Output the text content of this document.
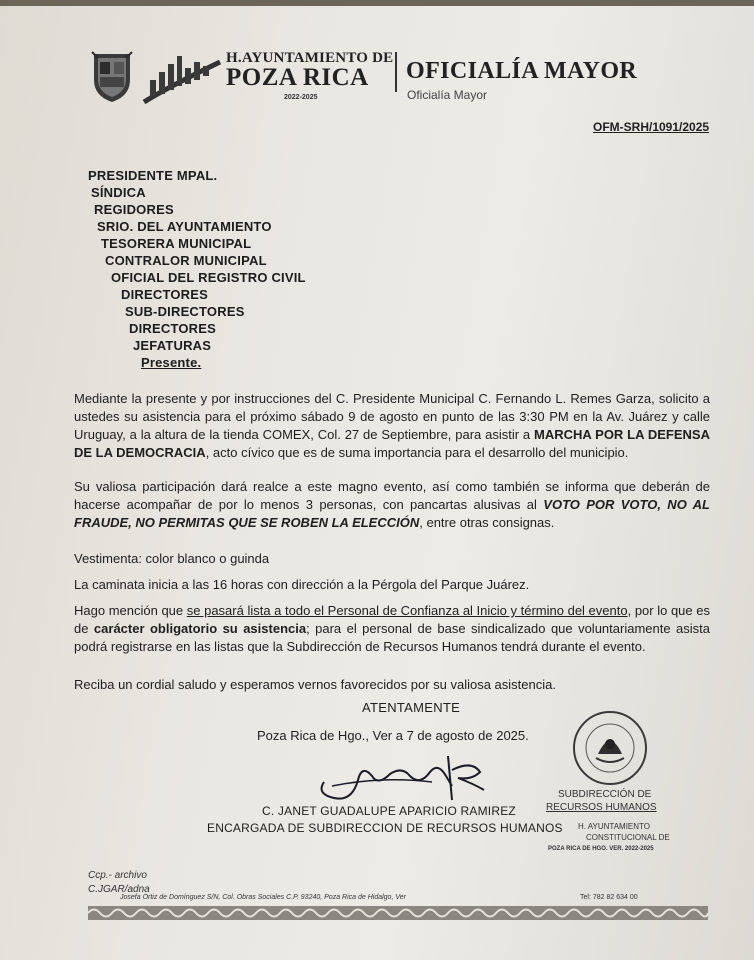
H.AYUNTAMIENTO DE
POZA RICA
2022-2025
OFICIALÍA MAYOR
Oficialía Mayor
OFM-SRH/1091/2025
PRESIDENTE MPAL.
SÍNDICA
REGIDORES
SRIO. DEL AYUNTAMIENTO
TESORERA MUNICIPAL
CONTRALOR MUNICIPAL
OFICIAL DEL REGISTRO CIVIL
DIRECTORES
SUB-DIRECTORES
DIRECTORES
JEFATURAS
Presente.
Mediante la presente y por instrucciones del C. Presidente Municipal C. Fernando L. Remes Garza, solicito a ustedes su asistencia para el próximo sábado 9 de agosto en punto de las 3:30 PM en la Av. Juárez y calle Uruguay, a la altura de la tienda COMEX, Col. 27 de Septiembre, para asistir a MARCHA POR LA DEFENSA DE LA DEMOCRACIA, acto cívico que es de suma importancia para el desarrollo del municipio.
Su valiosa participación dará realce a este magno evento, así como también se informa que deberán de hacerse acompañar de por lo menos 3 personas, con pancartas alusivas al VOTO POR VOTO, NO AL FRAUDE, NO PERMITAS QUE SE ROBEN LA ELECCIÓN, entre otras consignas.
Vestimenta: color blanco o guinda
La caminata inicia a las 16 horas con dirección a la Pérgola del Parque Juárez.
Hago mención que se pasará lista a todo el Personal de Confianza al Inicio y término del evento, por lo que es de carácter obligatorio su asistencia; para el personal de base sindicalizado que voluntariamente asista podrá registrarse en las listas que la Subdirección de Recursos Humanos tendrá durante el evento.
Reciba un cordial saludo y esperamos vernos favorecidos por su valiosa asistencia.
ATENTAMENTE
Poza Rica de Hgo., Ver a 7 de agosto de 2025.
C. JANET GUADALUPE APARICIO RAMIREZ
ENCARGADA DE SUBDIRECCION DE RECURSOS HUMANOS
SUBDIRECCIÓN DE
RECURSOS HUMANOS
H. AYUNTAMIENTO
CONSTITUCIONAL DE
POZA RICA DE HGO. VER. 2022-2025
Ccp.- archivo
C.JGAR/adna
Josefa Ortiz de Domínguez S/N, Col. Obras Sociales C.P. 93240, Poza Rica de Hidalgo, Ver	Tel: 782 82 634 00
